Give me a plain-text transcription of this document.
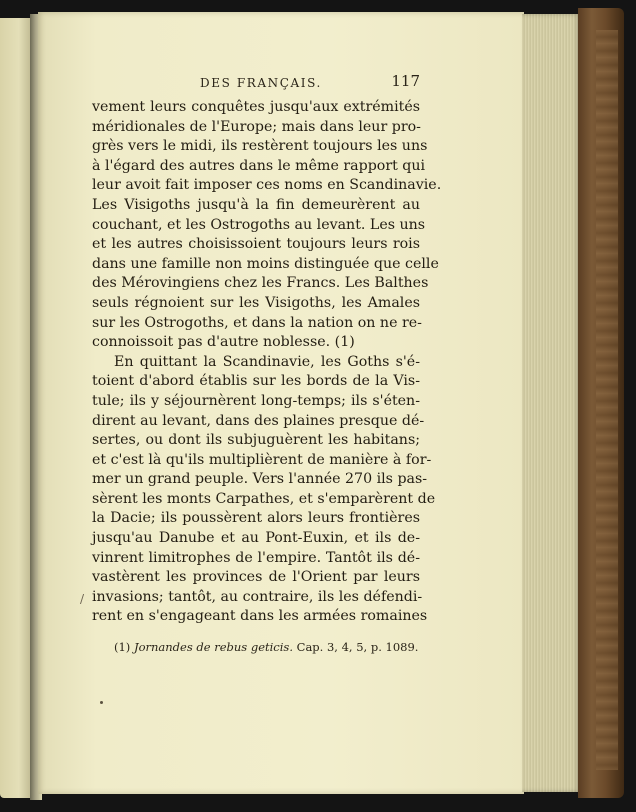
DES FRANÇAIS.	117
vement leurs conquêtes jusqu'aux extrémités
méridionales de l'Europe; mais dans leur pro-
grès vers le midi, ils restèrent toujours les uns
à l'égard des autres dans le même rapport qui
leur avoit fait imposer ces noms en Scandinavie.
Les Visigoths jusqu'à la fin demeurèrent au
couchant, et les Ostrogoths au levant. Les uns
et les autres choisissoient toujours leurs rois
dans une famille non moins distinguée que celle
des Mérovingiens chez les Francs. Les Balthes
seuls régnoient sur les Visigoths, les Amales
sur les Ostrogoths, et dans la nation on ne re-
connoissoit pas d'autre noblesse. (1)
En quittant la Scandinavie, les Goths s'é-
toient d'abord établis sur les bords de la Vis-
tule; ils y séjournèrent long-temps; ils s'éten-
dirent au levant, dans des plaines presque dé-
sertes, ou dont ils subjuguèrent les habitans;
et c'est là qu'ils multiplièrent de manière à for-
mer un grand peuple. Vers l'année 270 ils pas-
sèrent les monts Carpathes, et s'emparèrent de
la Dacie; ils poussèrent alors leurs frontières
jusqu'au Danube et au Pont-Euxin, et ils de-
vinrent limitrophes de l'empire. Tantôt ils dé-
vastèrent les provinces de l'Orient par leurs
invasions; tantôt, au contraire, ils les défendi-
rent en s'engageant dans les armées romaines
/
(1) Jornandes de rebus geticis. Cap. 3, 4, 5, p. 1089.
